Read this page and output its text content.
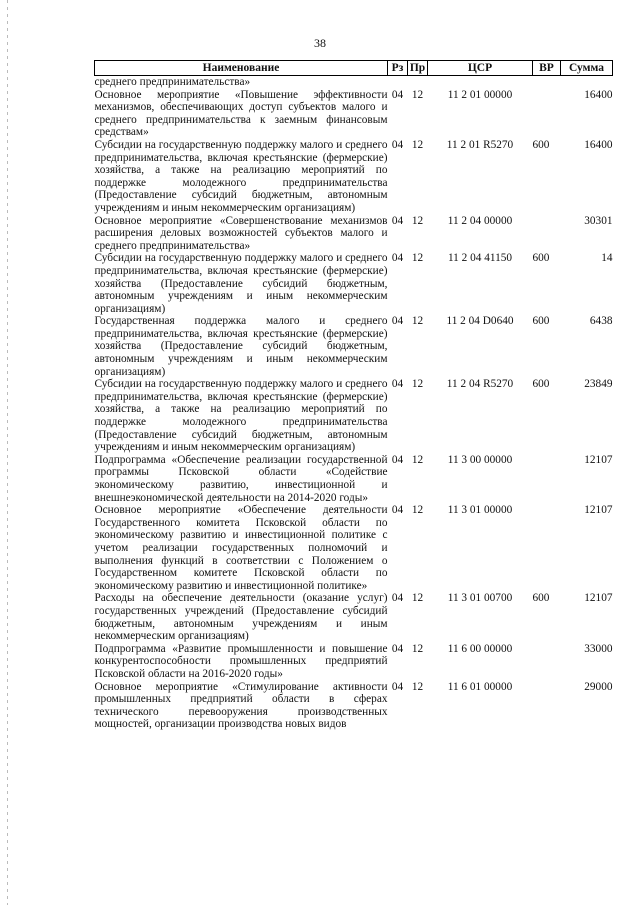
38
Наименование	Рз	Пр	ЦСР	ВР	Сумма
среднего предпринимательства»					
Основное мероприятие «Повышение эффективности механизмов, обеспечивающих доступ субъектов малого и среднего предпринимательства к заемным финансовым средствам»	04	12	11 2 01 00000		16400
Субсидии на государственную поддержку малого и среднего предпринимательства, включая крестьянские (фермерские) хозяйства, а также на реализацию мероприятий по поддержке молодежного предпринимательства (Предоставление субсидий бюджетным, автономным учреждениям и иным некоммерческим организациям)	04	12	11 2 01 R5270	600	16400
Основное мероприятие «Совершенствование механизмов расширения деловых возможностей субъектов малого и среднего предпринимательства»	04	12	11 2 04 00000		30301
Субсидии на государственную поддержку малого и среднего предпринимательства, включая крестьянские (фермерские) хозяйства (Предоставление субсидий бюджетным, автономным учреждениям и иным некоммерческим организациям)	04	12	11 2 04 41150	600	14
Государственная поддержка малого и среднего предпринимательства, включая крестьянские (фермерские) хозяйства (Предоставление субсидий бюджетным, автономным учреждениям и иным некоммерческим организациям)	04	12	11 2 04 D0640	600	6438
Субсидии на государственную поддержку малого и среднего предпринимательства, включая крестьянские (фермерские) хозяйства, а также на реализацию мероприятий по поддержке молодежного предпринимательства (Предоставление субсидий бюджетным, автономным учреждениям и иным некоммерческим организациям)	04	12	11 2 04 R5270	600	23849
Подпрограмма «Обеспечение реализации государственной программы Псковской области «Содействие экономическому развитию, инвестиционной и внешнеэкономической деятельности на 2014-2020 годы»	04	12	11 3 00 00000		12107
Основное мероприятие «Обеспечение деятельности Государственного комитета Псковской области по экономическому развитию и инвестиционной политике с учетом реализации государственных полномочий и выполнения функций в соответствии с Положением о Государственном комитете Псковской области по экономическому развитию и инвестиционной политике»	04	12	11 3 01 00000		12107
Расходы на обеспечение деятельности (оказание услуг) государственных учреждений (Предоставление субсидий бюджетным, автономным учреждениям и иным некоммерческим организациям)	04	12	11 3 01 00700	600	12107
Подпрограмма «Развитие промышленности и повышение конкурентоспособности промышленных предприятий Псковской области на 2016-2020 годы»	04	12	11 6 00 00000		33000
Основное мероприятие «Стимулирование активности промышленных предприятий области в сферах технического перевооружения производственных мощностей, организации производства новых видов	04	12	11 6 01 00000		29000
